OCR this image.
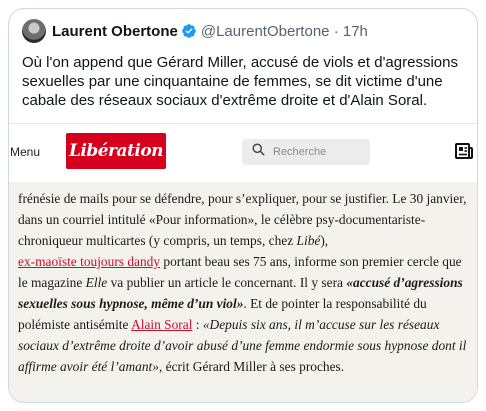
Laurent Obertone @LaurentObertone · 17h
Où l'on append que Gérard Miller, accusé de viols et d'agressions sexuelles par une cinquantaine de femmes, se dit victime d'une cabale des réseaux sociaux d'extrême droite et d'Alain Soral.
Menu Libération
Recherche

frénésie de mails pour se défendre, pour s’expliquer, pour se justifier. Le 30 janvier, dans un courriel intitulé «Pour information», le célèbre psy-documentariste-chroniqueur multicartes (y compris, un temps, chez Libé),
ex-maoïste toujours dandy portant beau ses 75 ans, informe son premier cercle que le magazine Elle va publier un article le concernant. Il y sera «accusé d’agressions sexuelles sous hypnose, même d’un viol». Et de pointer la responsabilité du polémiste antisémite Alain Soral : «Depuis six ans, il m’accuse sur les réseaux sociaux d’extrême droite d’avoir abusé d’une femme endormie sous hypnose dont il affirme avoir été l’amant», écrit Gérard Miller à ses proches.
